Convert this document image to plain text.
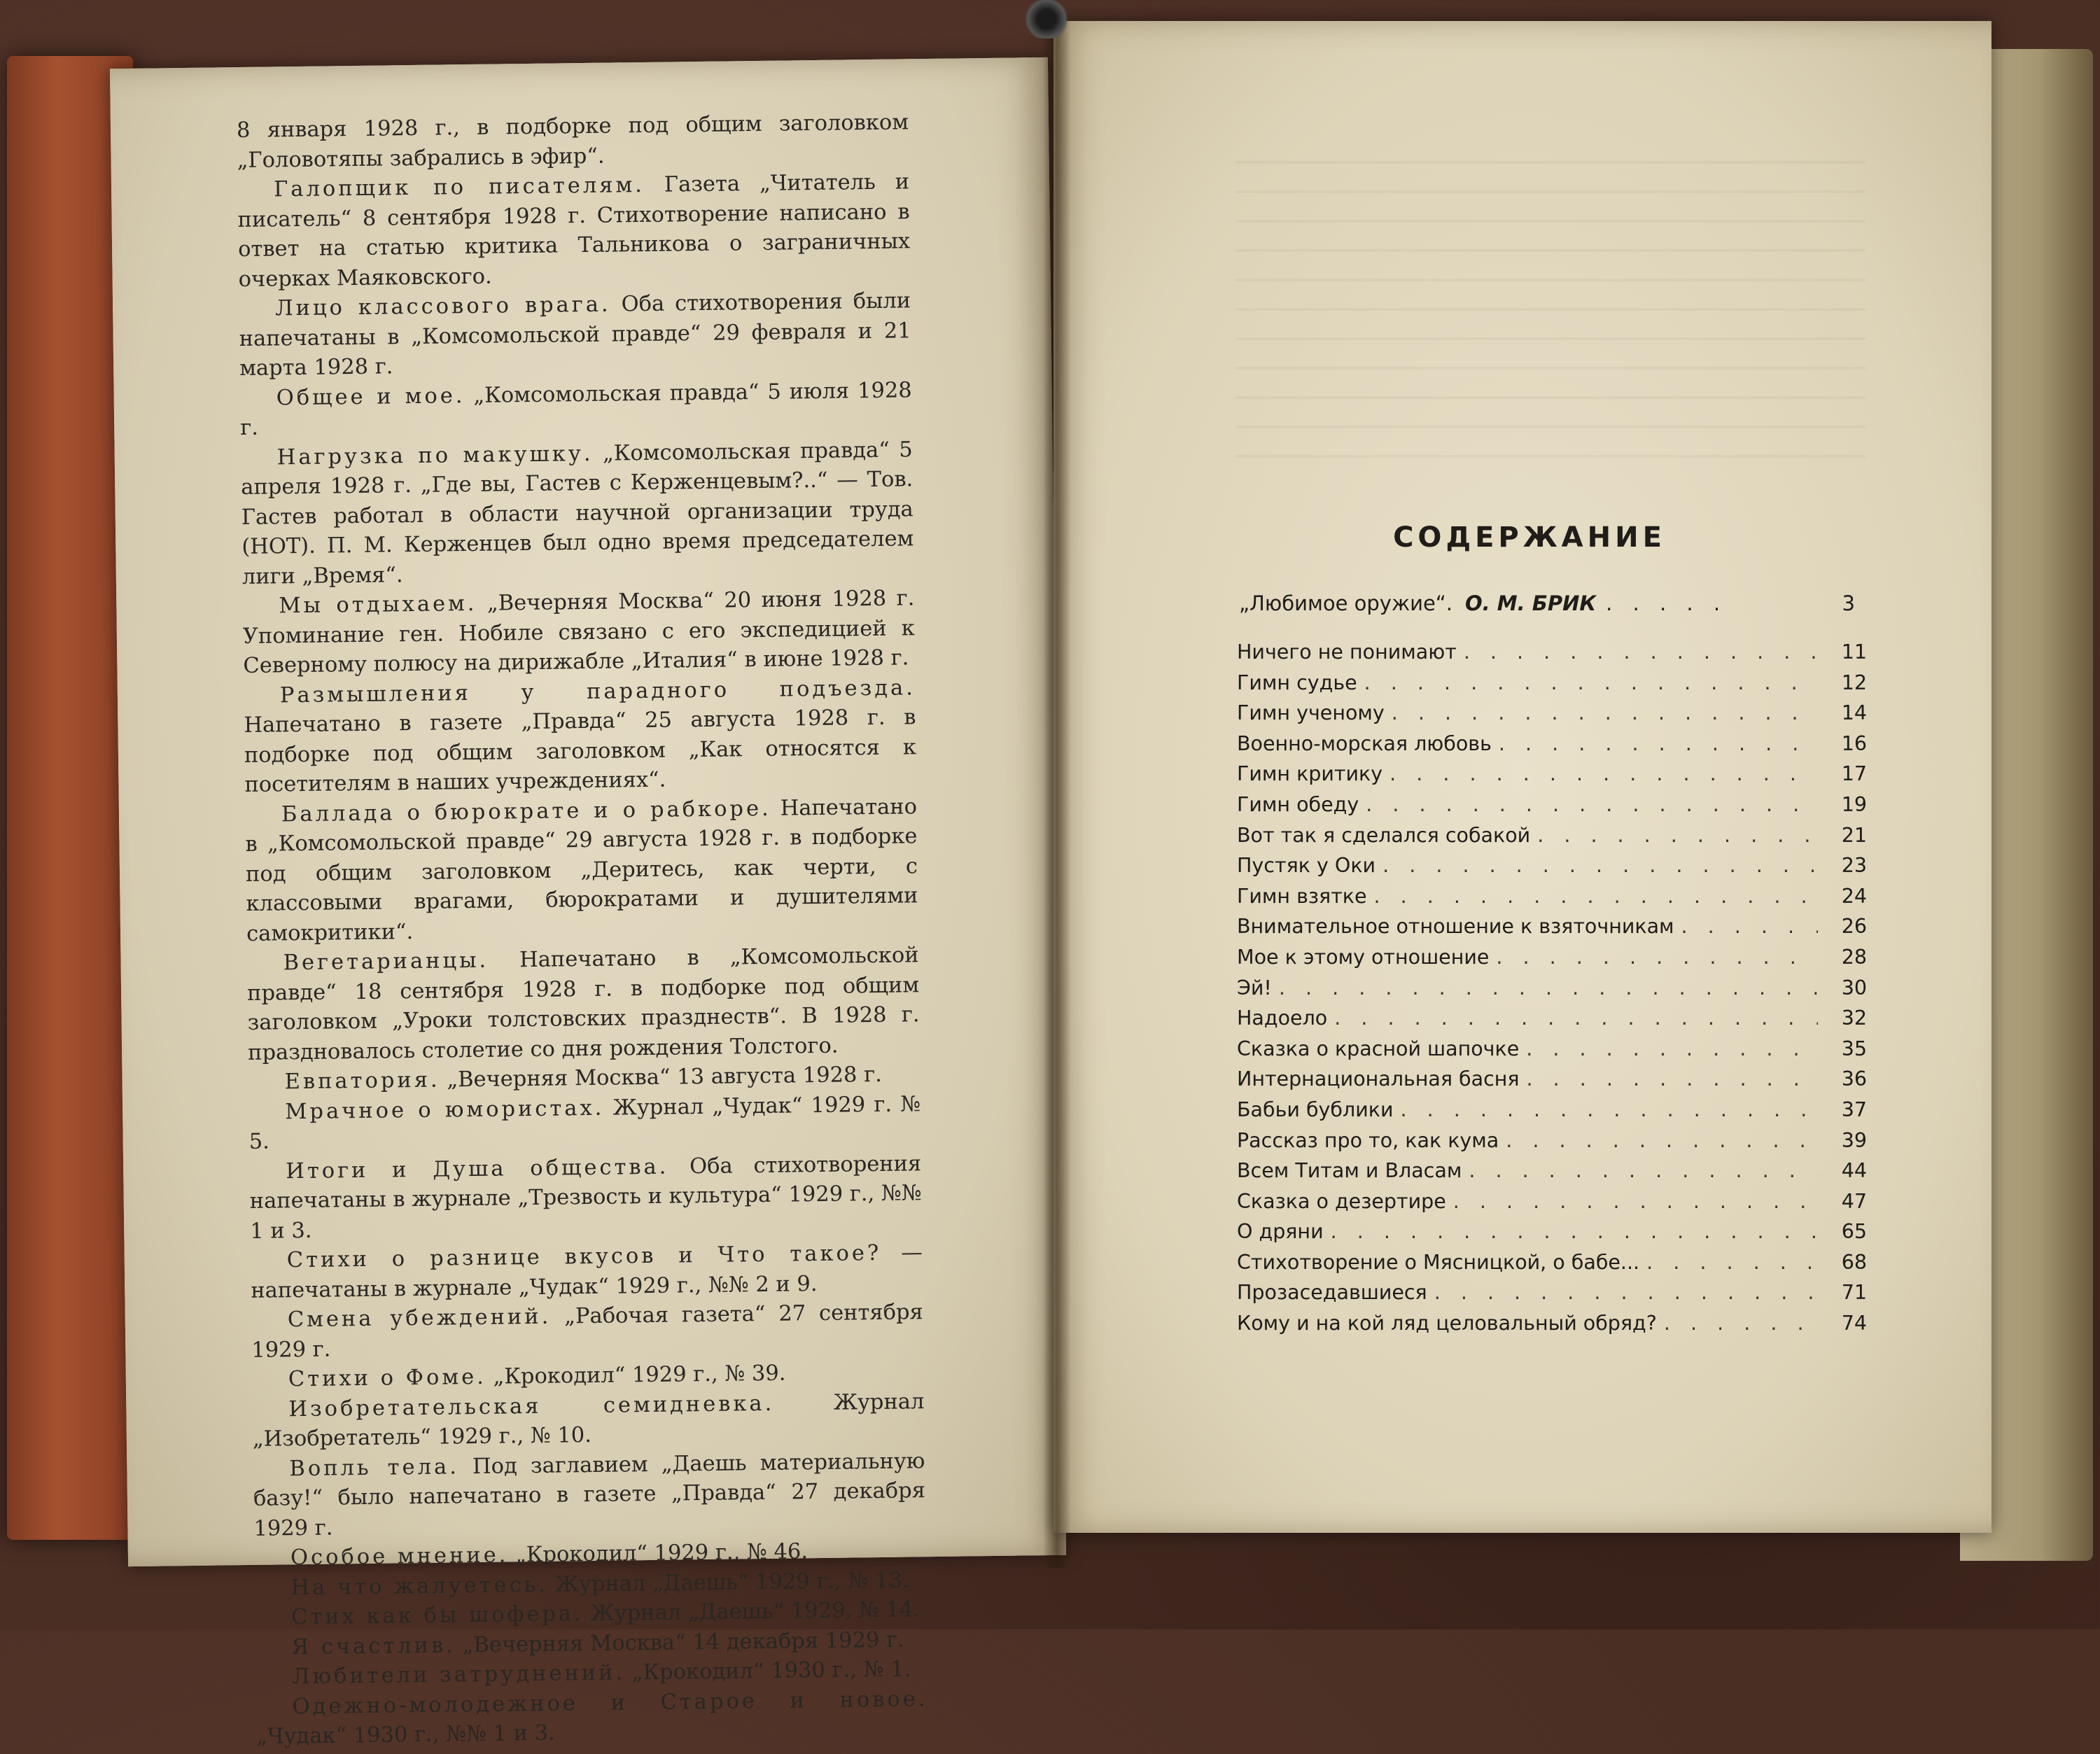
8 января 1928 г., в подборке под общим заголовком „Головотяпы забрались в эфир“.

Галопщик по писателям. Газета „Читатель и писатель“ 8 сентября 1928 г. Стихотворение написано в ответ на статью критика Тальникова о заграничных очерках Маяковского.

Лицо классового врага. Оба стихотворения были напечатаны в „Комсомольской правде“ 29 февраля и 21 марта 1928 г.

Общее и мое. „Комсомольская правда“ 5 июля 1928 г.

Нагрузка по макушку. „Комсомольская правда“ 5 апреля 1928 г. „Где вы, Гастев с Керженцевым?..“ — Тов. Гастев работал в области научной организации труда (НОТ). П. М. Керженцев был одно время председателем лиги „Время“.

Мы отдыхаем. „Вечерняя Москва“ 20 июня 1928 г. Упоминание ген. Нобиле связано с его экспедицией к Северному полюсу на дирижабле „Италия“ в июне 1928 г.

Размышления у парадного подъезда. Напечатано в газете „Правда“ 25 августа 1928 г. в подборке под общим заголовком „Как относятся к посетителям в наших учреждениях“.

Баллада о бюрократе и о рабкоре. Напечатано в „Комсомольской правде“ 29 августа 1928 г. в подборке под общим заголовком „Деритесь, как черти, с классовыми врагами, бюрократами и душителями самокритики“.

Вегетарианцы. Напечатано в „Комсомольской правде“ 18 сентября 1928 г. в подборке под общим заголовком „Уроки толстовских празднеств“. В 1928 г. праздновалось столетие со дня рождения Толстого.

Евпатория. „Вечерняя Москва“ 13 августа 1928 г.

Мрачное о юмористах. Журнал „Чудак“ 1929 г. № 5.

Итоги и Душа общества. Оба стихотворения напечатаны в журнале „Трезвость и культура“ 1929 г., №№ 1 и 3.

Стихи о разнице вкусов и Что такое? — напечатаны в журнале „Чудак“ 1929 г., №№ 2 и 9.

Смена убеждений. „Рабочая газета“ 27 сентября 1929 г.

Стихи о Фоме. „Крокодил“ 1929 г., № 39.

Изобретательская семидневка. Журнал „Изобретатель“ 1929 г., № 10.

Вопль тела. Под заглавием „Даешь материальную базу!“ было напечатано в газете „Правда“ 27 декабря 1929 г.

Особое мнение. „Крокодил“ 1929 г., № 46.

На что жалуетесь. Журнал „Даешь“ 1929 г., № 13.

Стих как бы шофера. Журнал „Даешь“ 1929, № 14.

Я счастлив. „Вечерняя Москва“ 14 декабря 1929 г.

Любители затруднений. „Крокодил“ 1930 г., № 1.

Одежно-молодежное и Старое и новое. „Чудак“ 1930 г., №№ 1 и 3.

СОДЕРЖАНИЕ
„Любимое оружие“. О. М. БРИК . . . . .	3
Ничего не понимают . . .	11
Гимн судье . . .	12
Гимн ученому . . .	14
Военно-морская любовь . . .	16
Гимн критику . . .	17
Гимн обеду . . .	19
Вот так я сделался собакой . . .	21
Пустяк у Оки . . .	23
Гимн взятке . . .	24
Внимательное отношение к взяточникам . . .	26
Мое к этому отношение . . .	28
Эй! . . .	30
Надоело . . .	32
Сказка о красной шапочке . . .	35
Интернациональная басня . . .	36
Бабьи бублики . . .	37
Рассказ про то, как кума . . .	39
Всем Титам и Власам . . .	44
Сказка о дезертире . . .	47
О дряни . . .	65
Стихотворение о Мясницкой, о бабе... . . .	68
Прозаседавшиеся . . .	71
Кому и на кой ляд целовальный обряд? . . .	74
